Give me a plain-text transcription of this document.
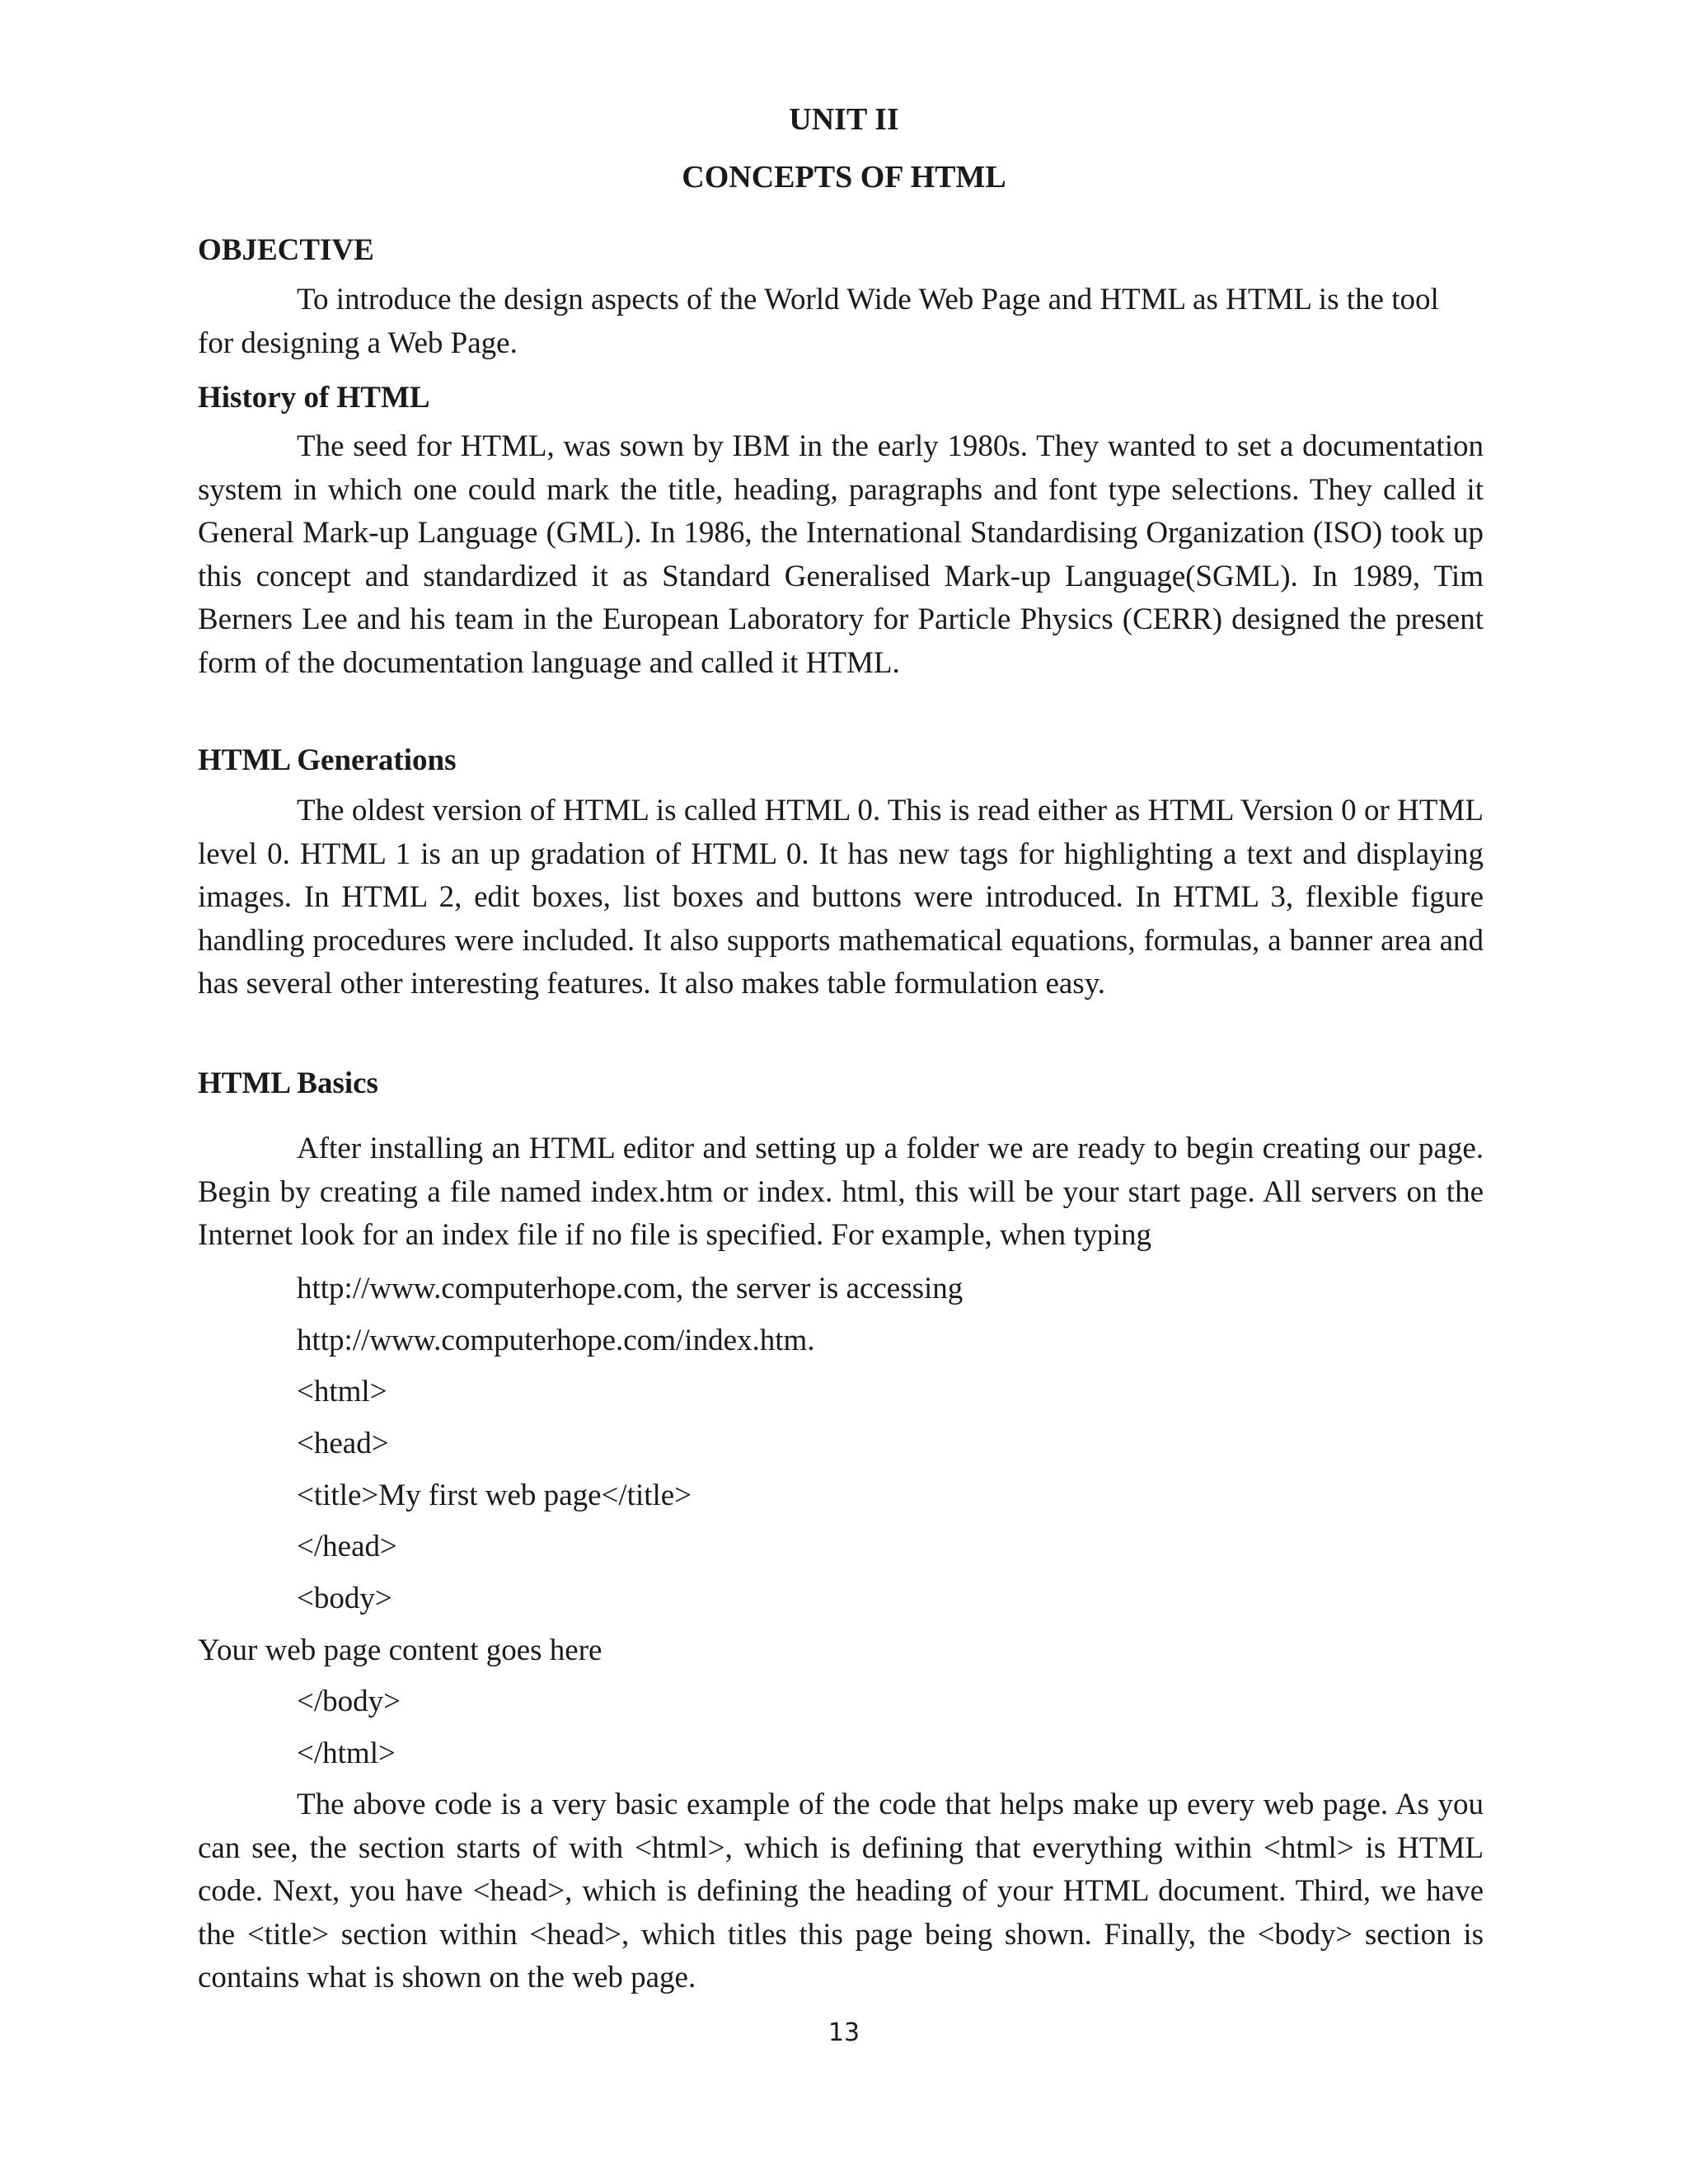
UNIT II
CONCEPTS OF HTML
OBJECTIVE

To introduce the design aspects of the World Wide Web Page and HTML as HTML is the tool for designing a Web Page.

History of HTML

The seed for HTML, was sown by IBM in the early 1980s. They wanted to set a documentation system in which one could mark the title, heading, paragraphs and font type selections. They called it General Mark-up Language (GML). In 1986, the International Standardising Organization (ISO) took up this concept and standardized it as Standard Generalised Mark-up Language(SGML). In 1989, Tim Berners Lee and his team in the European Laboratory for Particle Physics (CERR) designed the present form of the documentation language and called it HTML.

HTML Generations

The oldest version of HTML is called HTML 0. This is read either as HTML Version 0 or HTML level 0. HTML 1 is an up gradation of HTML 0. It has new tags for highlighting a text and displaying images. In HTML 2, edit boxes, list boxes and buttons were introduced. In HTML 3, flexible figure handling procedures were included. It also supports mathematical equations, formulas, a banner area and has several other interesting features. It also makes table formulation easy.

HTML Basics

After installing an HTML editor and setting up a folder we are ready to begin creating our page. Begin by creating a file named index.htm or index. html, this will be your start page. All servers on the Internet look for an index file if no file is specified. For example, when typing

http://www.computerhope.com, the server is accessing

http://www.computerhope.com/index.htm.

<html>

<head>

<title>My first web page</title>

</head>

<body>

Your web page content goes here

</body>

</html>

The above code is a very basic example of the code that helps make up every web page. As you can see, the section starts of with <html>, which is defining that everything within <html> is HTML code. Next, you have <head>, which is defining the heading of your HTML document. Third, we have the <title> section within <head>, which titles this page being shown. Finally, the <body> section is contains what is shown on the web page.

13
